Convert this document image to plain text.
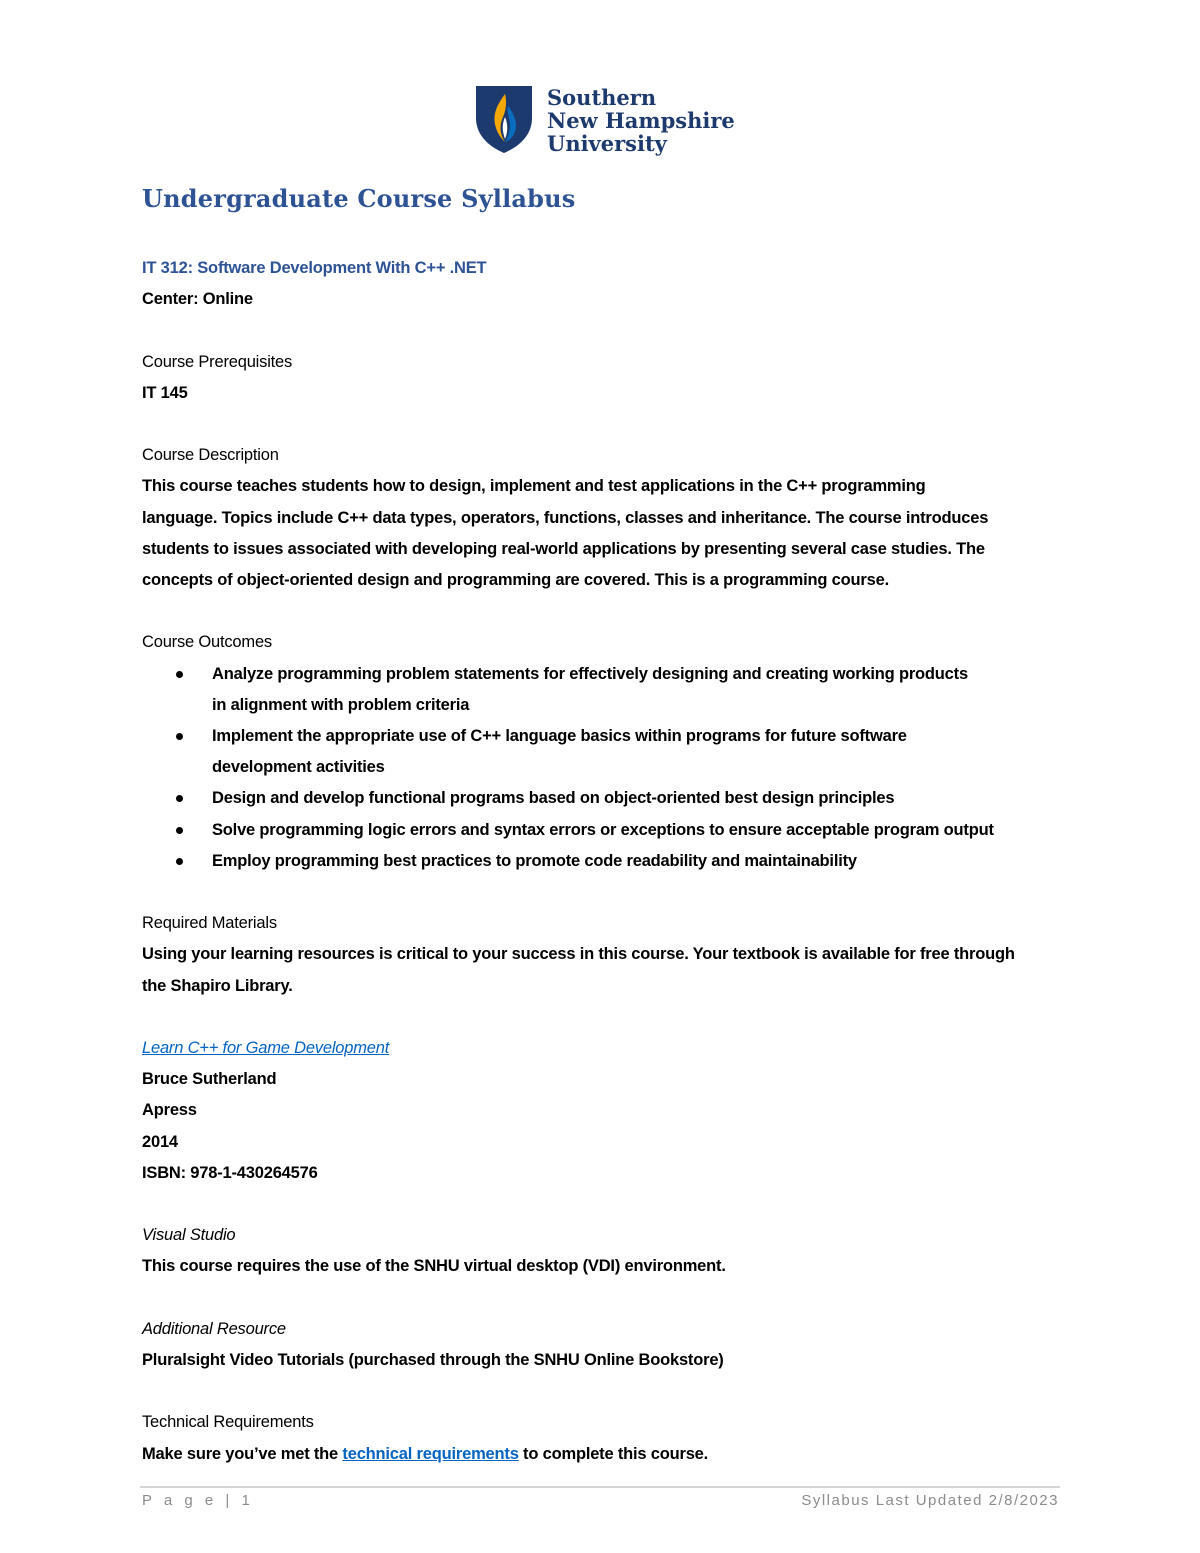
Southern
New Hampshire
University
Undergraduate Course Syllabus
IT 312: Software Development With C++ .NET
Center: Online
Course Prerequisites
IT 145
Course Description
This course teaches students how to design, implement and test applications in the C++ programming
language. Topics include C++ data types, operators, functions, classes and inheritance. The course introduces
students to issues associated with developing real-world applications by presenting several case studies. The
concepts of object-oriented design and programming are covered. This is a programming course.
Course Outcomes
Analyze programming problem statements for effectively designing and creating working products
in alignment with problem criteria
Implement the appropriate use of C++ language basics within programs for future software
development activities
Design and develop functional programs based on object-oriented best design principles
Solve programming logic errors and syntax errors or exceptions to ensure acceptable program output
Employ programming best practices to promote code readability and maintainability
Required Materials
Using your learning resources is critical to your success in this course. Your textbook is available for free through
the Shapiro Library.
Learn C++ for Game Development
Bruce Sutherland
Apress
2014
ISBN: 978-1-430264576
Visual Studio
This course requires the use of the SNHU virtual desktop (VDI) environment.
Additional Resource
Pluralsight Video Tutorials (purchased through the SNHU Online Bookstore)
Technical Requirements
Make sure you’ve met the technical requirements to complete this course.
P a g e | 1	Syllabus Last Updated 2/8/2023
